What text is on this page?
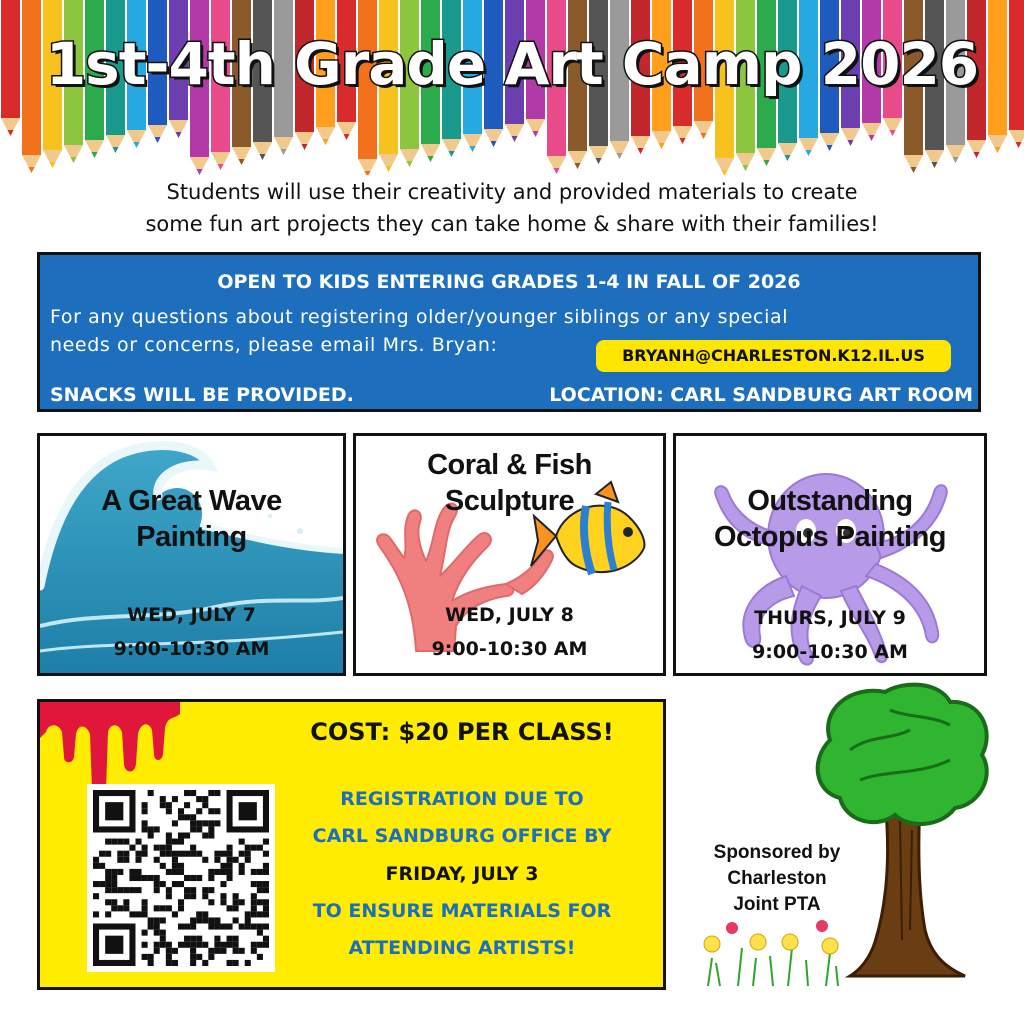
1st-4th Grade Art Camp 2026
Students will use their creativity and provided materials to create
some fun art projects they can take home & share with their families!
OPEN TO KIDS ENTERING GRADES 1-4 IN FALL OF 2026
For any questions about registering older/younger siblings or any special
needs or concerns, please email Mrs. Bryan:	BRYANH@CHARLESTON.K12.IL.US
SNACKS WILL BE PROVIDED.	LOCATION: CARL SANDBURG ART ROOM
A Great Wave
Painting
WED, JULY 7
9:00-10:30 AM
Coral & Fish
Sculpture
WED, JULY 8
9:00-10:30 AM
Outstanding
Octopus Painting
THURS, JULY 9
9:00-10:30 AM
COST: $20 PER CLASS!
REGISTRATION DUE TO
CARL SANDBURG OFFICE BY
FRIDAY, JULY 3
TO ENSURE MATERIALS FOR
ATTENDING ARTISTS!
Sponsored by
Charleston
Joint PTA
